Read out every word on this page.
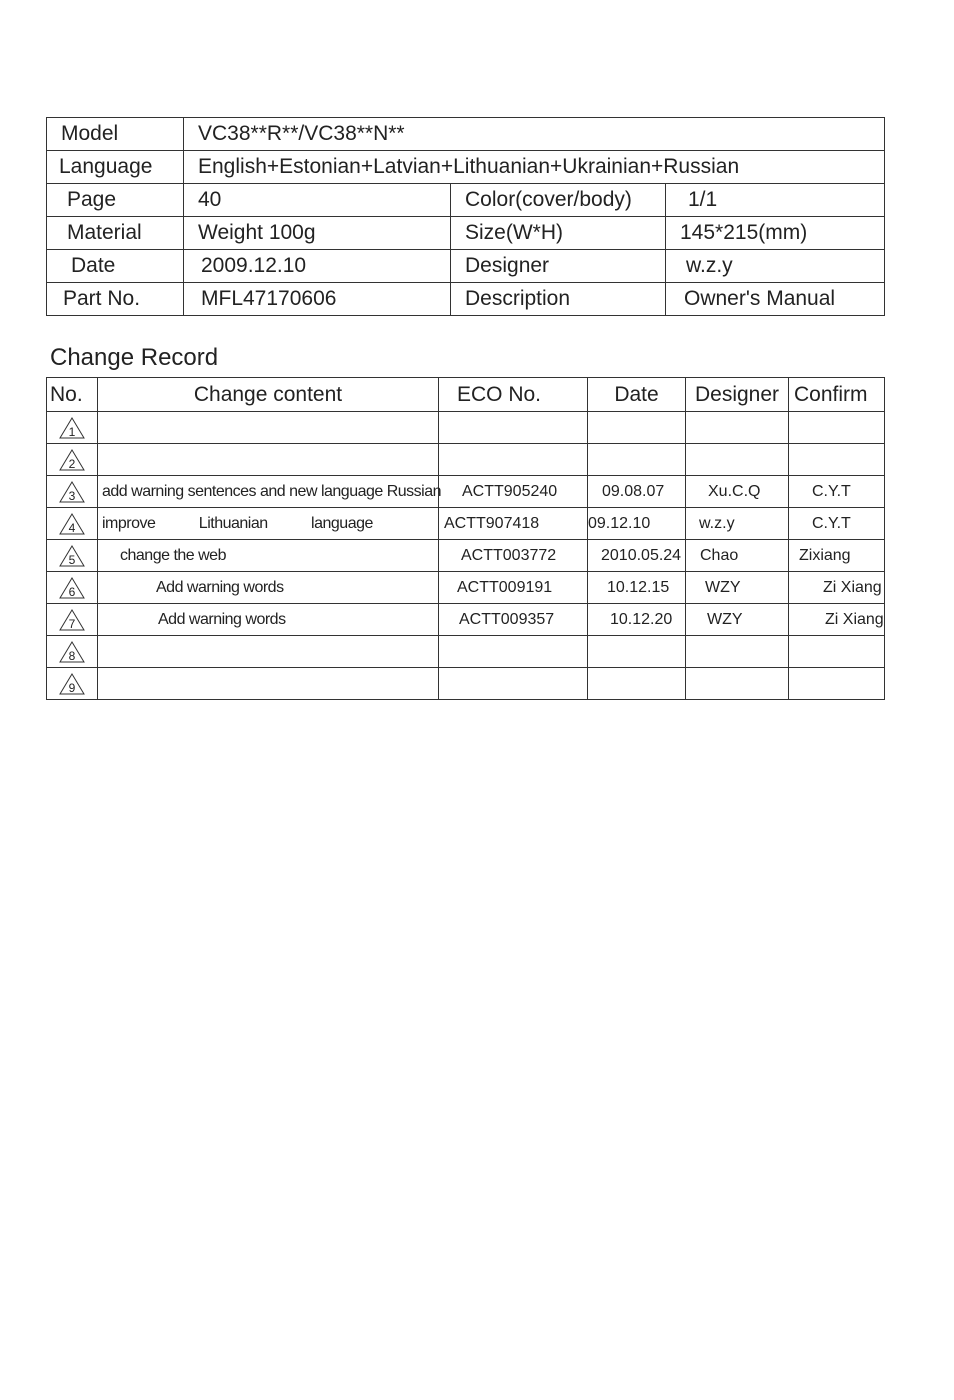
Model	VC38**R**/VC38**N**		
Language	English+Estonian+Latvian+Lithuanian+Ukrainian+Russian		
Page	40	Color(cover/body)	1/1
Material	Weight 100g	Size(W*H)	145*215(mm)
Date	2009.12.10	Designer	w.z.y
Part No.	MFL47170606	Description	Owner's Manual
Change Record
No.	Change content	ECO No.	Date	Designer	Confirm

1					

2					

3	add warning sentences and new language Russian	ACTT905240	09.08.07	Xu.C.Q	C.Y.T

4	improve           Lithuanian           language	ACTT907418	09.12.10	w.z.y	C.Y.T

5	change the web	ACTT003772	2010.05.24	Chao	Zixiang

6	Add warning words	ACTT009191	10.12.15	WZY	Zi Xiang

7	Add warning words	ACTT009357	10.12.20	WZY	Zi Xiang

8					

9					
